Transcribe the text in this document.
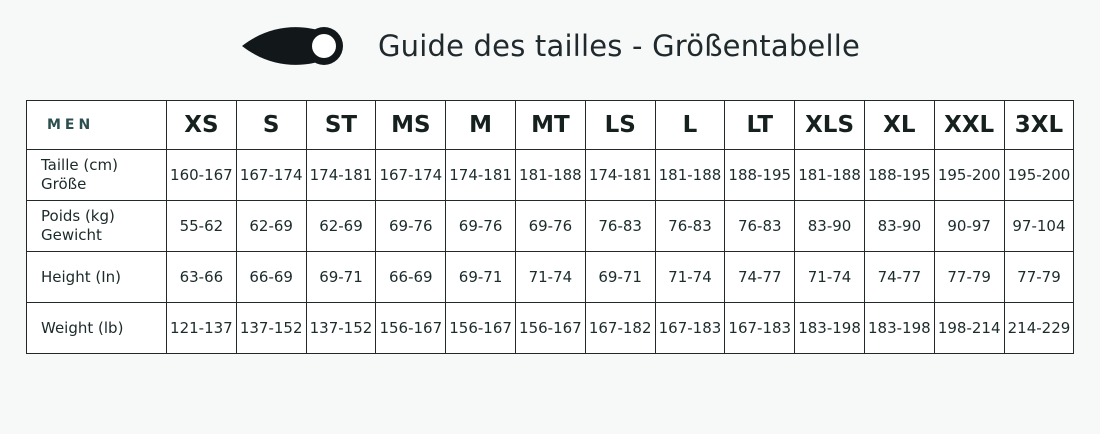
Guide des tailles - Größentabelle
MEN	XS	S	ST	MS	M	MT	LS	L	LT	XLS	XL	XXL	3XL

Taille (cm)
Größe	160-167	167-174	174-181	167-174	174-181	181-188	174-181	181-188	188-195	181-188	188-195	195-200	195-200

Poids (kg)
Gewicht	55-62	62-69	62-69	69-76	69-76	69-76	76-83	76-83	76-83	83-90	83-90	90-97	97-104

Height (In)	63-66	66-69	69-71	66-69	69-71	71-74	69-71	71-74	74-77	71-74	74-77	77-79	77-79

Weight (lb)	121-137	137-152	137-152	156-167	156-167	156-167	167-182	167-183	167-183	183-198	183-198	198-214	214-229
